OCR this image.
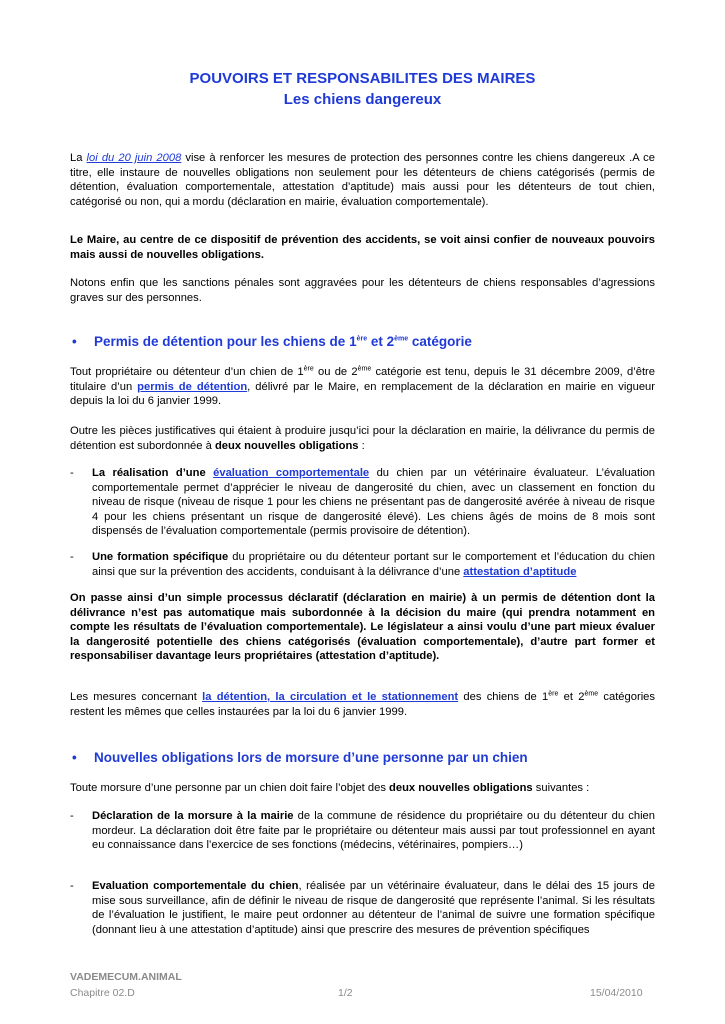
POUVOIRS ET RESPONSABILITES DES MAIRES
Les chiens dangereux
La loi du 20 juin 2008 vise à renforcer les mesures de protection des personnes contre les chiens dangereux .A ce titre, elle instaure de nouvelles obligations non seulement pour les détenteurs de chiens catégorisés (permis de détention, évaluation comportementale, attestation d’aptitude) mais aussi pour les détenteurs de tout chien, catégorisé ou non, qui a mordu (déclaration en mairie, évaluation comportementale).
Le Maire, au centre de ce dispositif de prévention des accidents, se voit ainsi confier de nouveaux pouvoirs mais aussi de nouvelles obligations.
Notons enfin que les sanctions pénales sont aggravées pour les détenteurs de chiens responsables d’agressions graves sur des personnes.
• Permis de détention pour les chiens de 1ère et 2ème catégorie
Tout propriétaire ou détenteur d’un chien de 1ère ou de 2ème catégorie est tenu, depuis le 31 décembre 2009, d’être titulaire d’un permis de détention, délivré par le Maire, en remplacement de la déclaration en mairie en vigueur depuis la loi du 6 janvier 1999.
Outre les pièces justificatives qui étaient à produire jusqu’ici pour la déclaration en mairie, la délivrance du permis de détention est subordonnée à deux nouvelles obligations :
- La réalisation d’une évaluation comportementale du chien par un vétérinaire évaluateur. L’évaluation comportementale permet d’apprécier le niveau de dangerosité du chien, avec un classement en fonction du niveau de risque (niveau de risque 1 pour les chiens ne présentant pas de dangerosité avérée à niveau de risque 4 pour les chiens présentant un risque de dangerosité élevé). Les chiens âgés de moins de 8 mois sont dispensés de l’évaluation comportementale (permis provisoire de détention).
- Une formation spécifique du propriétaire ou du détenteur portant sur le comportement et l’éducation du chien ainsi que sur la prévention des accidents, conduisant à la délivrance d’une attestation d’aptitude
On passe ainsi d’un simple processus déclaratif (déclaration en mairie) à un permis de détention dont la délivrance n’est pas automatique mais subordonnée à la décision du maire (qui prendra notamment en compte les résultats de l’évaluation comportementale). Le législateur a ainsi voulu d’une part mieux évaluer la dangerosité potentielle des chiens catégorisés (évaluation comportementale), d’autre part former et responsabiliser davantage leurs propriétaires (attestation d’aptitude).
Les mesures concernant la détention, la circulation et le stationnement des chiens de 1ère et 2ème catégories restent les mêmes que celles instaurées par la loi du 6 janvier 1999.
• Nouvelles obligations lors de morsure d’une personne par un chien
Toute morsure d’une personne par un chien doit faire l’objet des deux nouvelles obligations suivantes :
- Déclaration de la morsure à la mairie de la commune de résidence du propriétaire ou du détenteur du chien mordeur. La déclaration doit être faite par le propriétaire ou détenteur mais aussi par tout professionnel en ayant eu connaissance dans l’exercice de ses fonctions (médecins, vétérinaires, pompiers…)
- Evaluation comportementale du chien, réalisée par un vétérinaire évaluateur, dans le délai des 15 jours de mise sous surveillance, afin de définir le niveau de risque de dangerosité que représente l’animal. Si les résultats de l’évaluation le justifient, le maire peut ordonner au détenteur de l’animal de suivre une formation spécifique (donnant lieu à une attestation d’aptitude) ainsi que prescrire des mesures de prévention spécifiques
VADEMECUM.ANIMAL
Chapitre 02.D	1/2	15/04/2010
